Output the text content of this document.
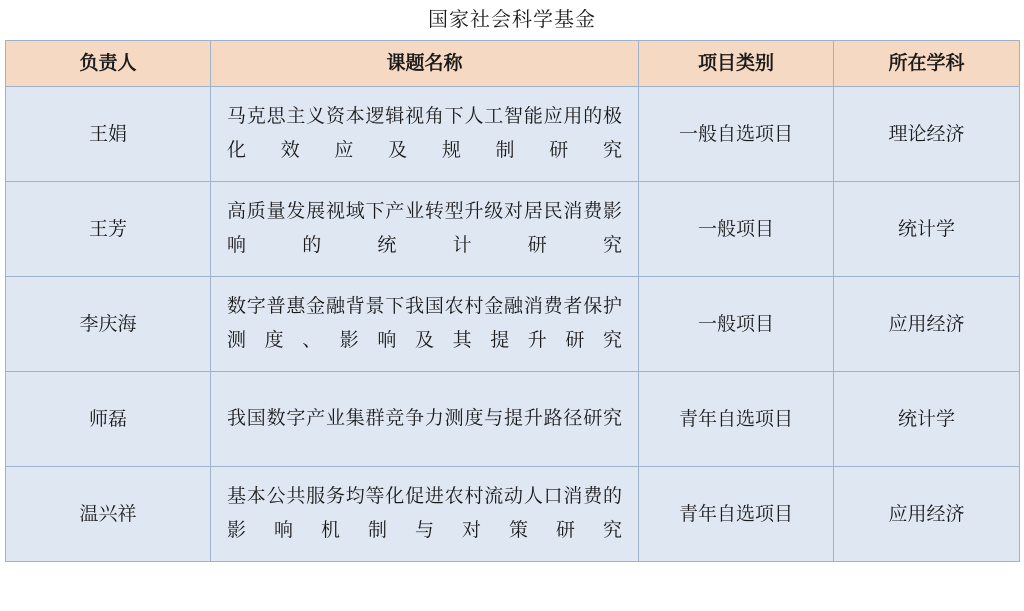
国家社会科学基金
负责人	课题名称	项目类别	所在学科
王娟	马克思主义资本逻辑视角下人工智能应用的极化效应及规制研究	一般自选项目	理论经济
王芳	高质量发展视域下产业转型升级对居民消费影响的统计研究	一般项目	统计学
李庆海	数字普惠金融背景下我国农村金融消费者保护测度、影响及其提升研究	一般项目	应用经济
师磊	我国数字产业集群竞争力测度与提升路径研究	青年自选项目	统计学
温兴祥	基本公共服务均等化促进农村流动人口消费的影响机制与对策研究	青年自选项目	应用经济
